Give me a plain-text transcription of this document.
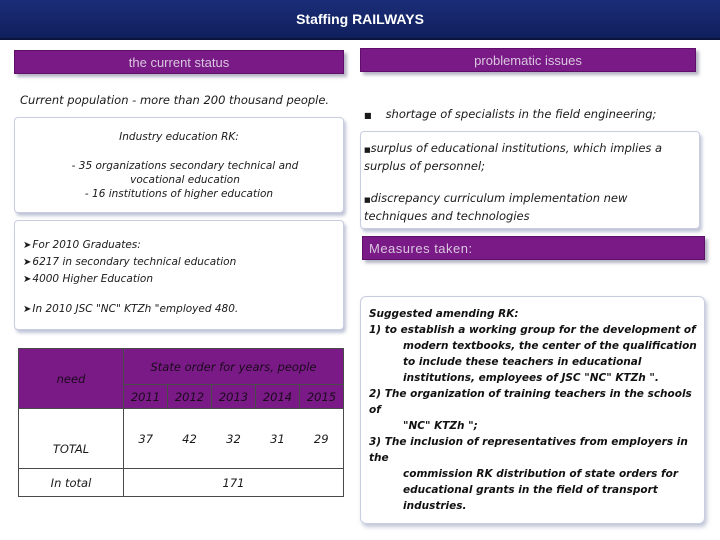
Staffing RAILWAYS
the current status	problematic issues
Current population - more than 200 thousand people.
Industry education RK:
- 35 organizations secondary technical and vocational education
- 16 institutions of higher education
➤For 2010 Graduates:
➤6217 in secondary technical education
➤4000 Higher Education
➤In 2010 JSC "NC" KTZh "employed 480.
need	State order for years, people				
	2011	2012	2013	2014	2015
TOTAL	37	42	32	31	29
In total	171				
■ shortage of specialists in the field engineering;
■surplus of educational institutions, which implies a surplus of personnel;
■discrepancy curriculum implementation new techniques and technologies
Measures taken:
Suggested amending RK:
1) to establish a working group for the development of
modern textbooks, the center of the qualification to include these teachers in educational institutions, employees of JSC "NC" KTZh ".
2) The organization of training teachers in the schools of
"NC" KTZh ";
3) The inclusion of representatives from employers in the
commission RK distribution of state orders for educational grants in the field of transport industries.
